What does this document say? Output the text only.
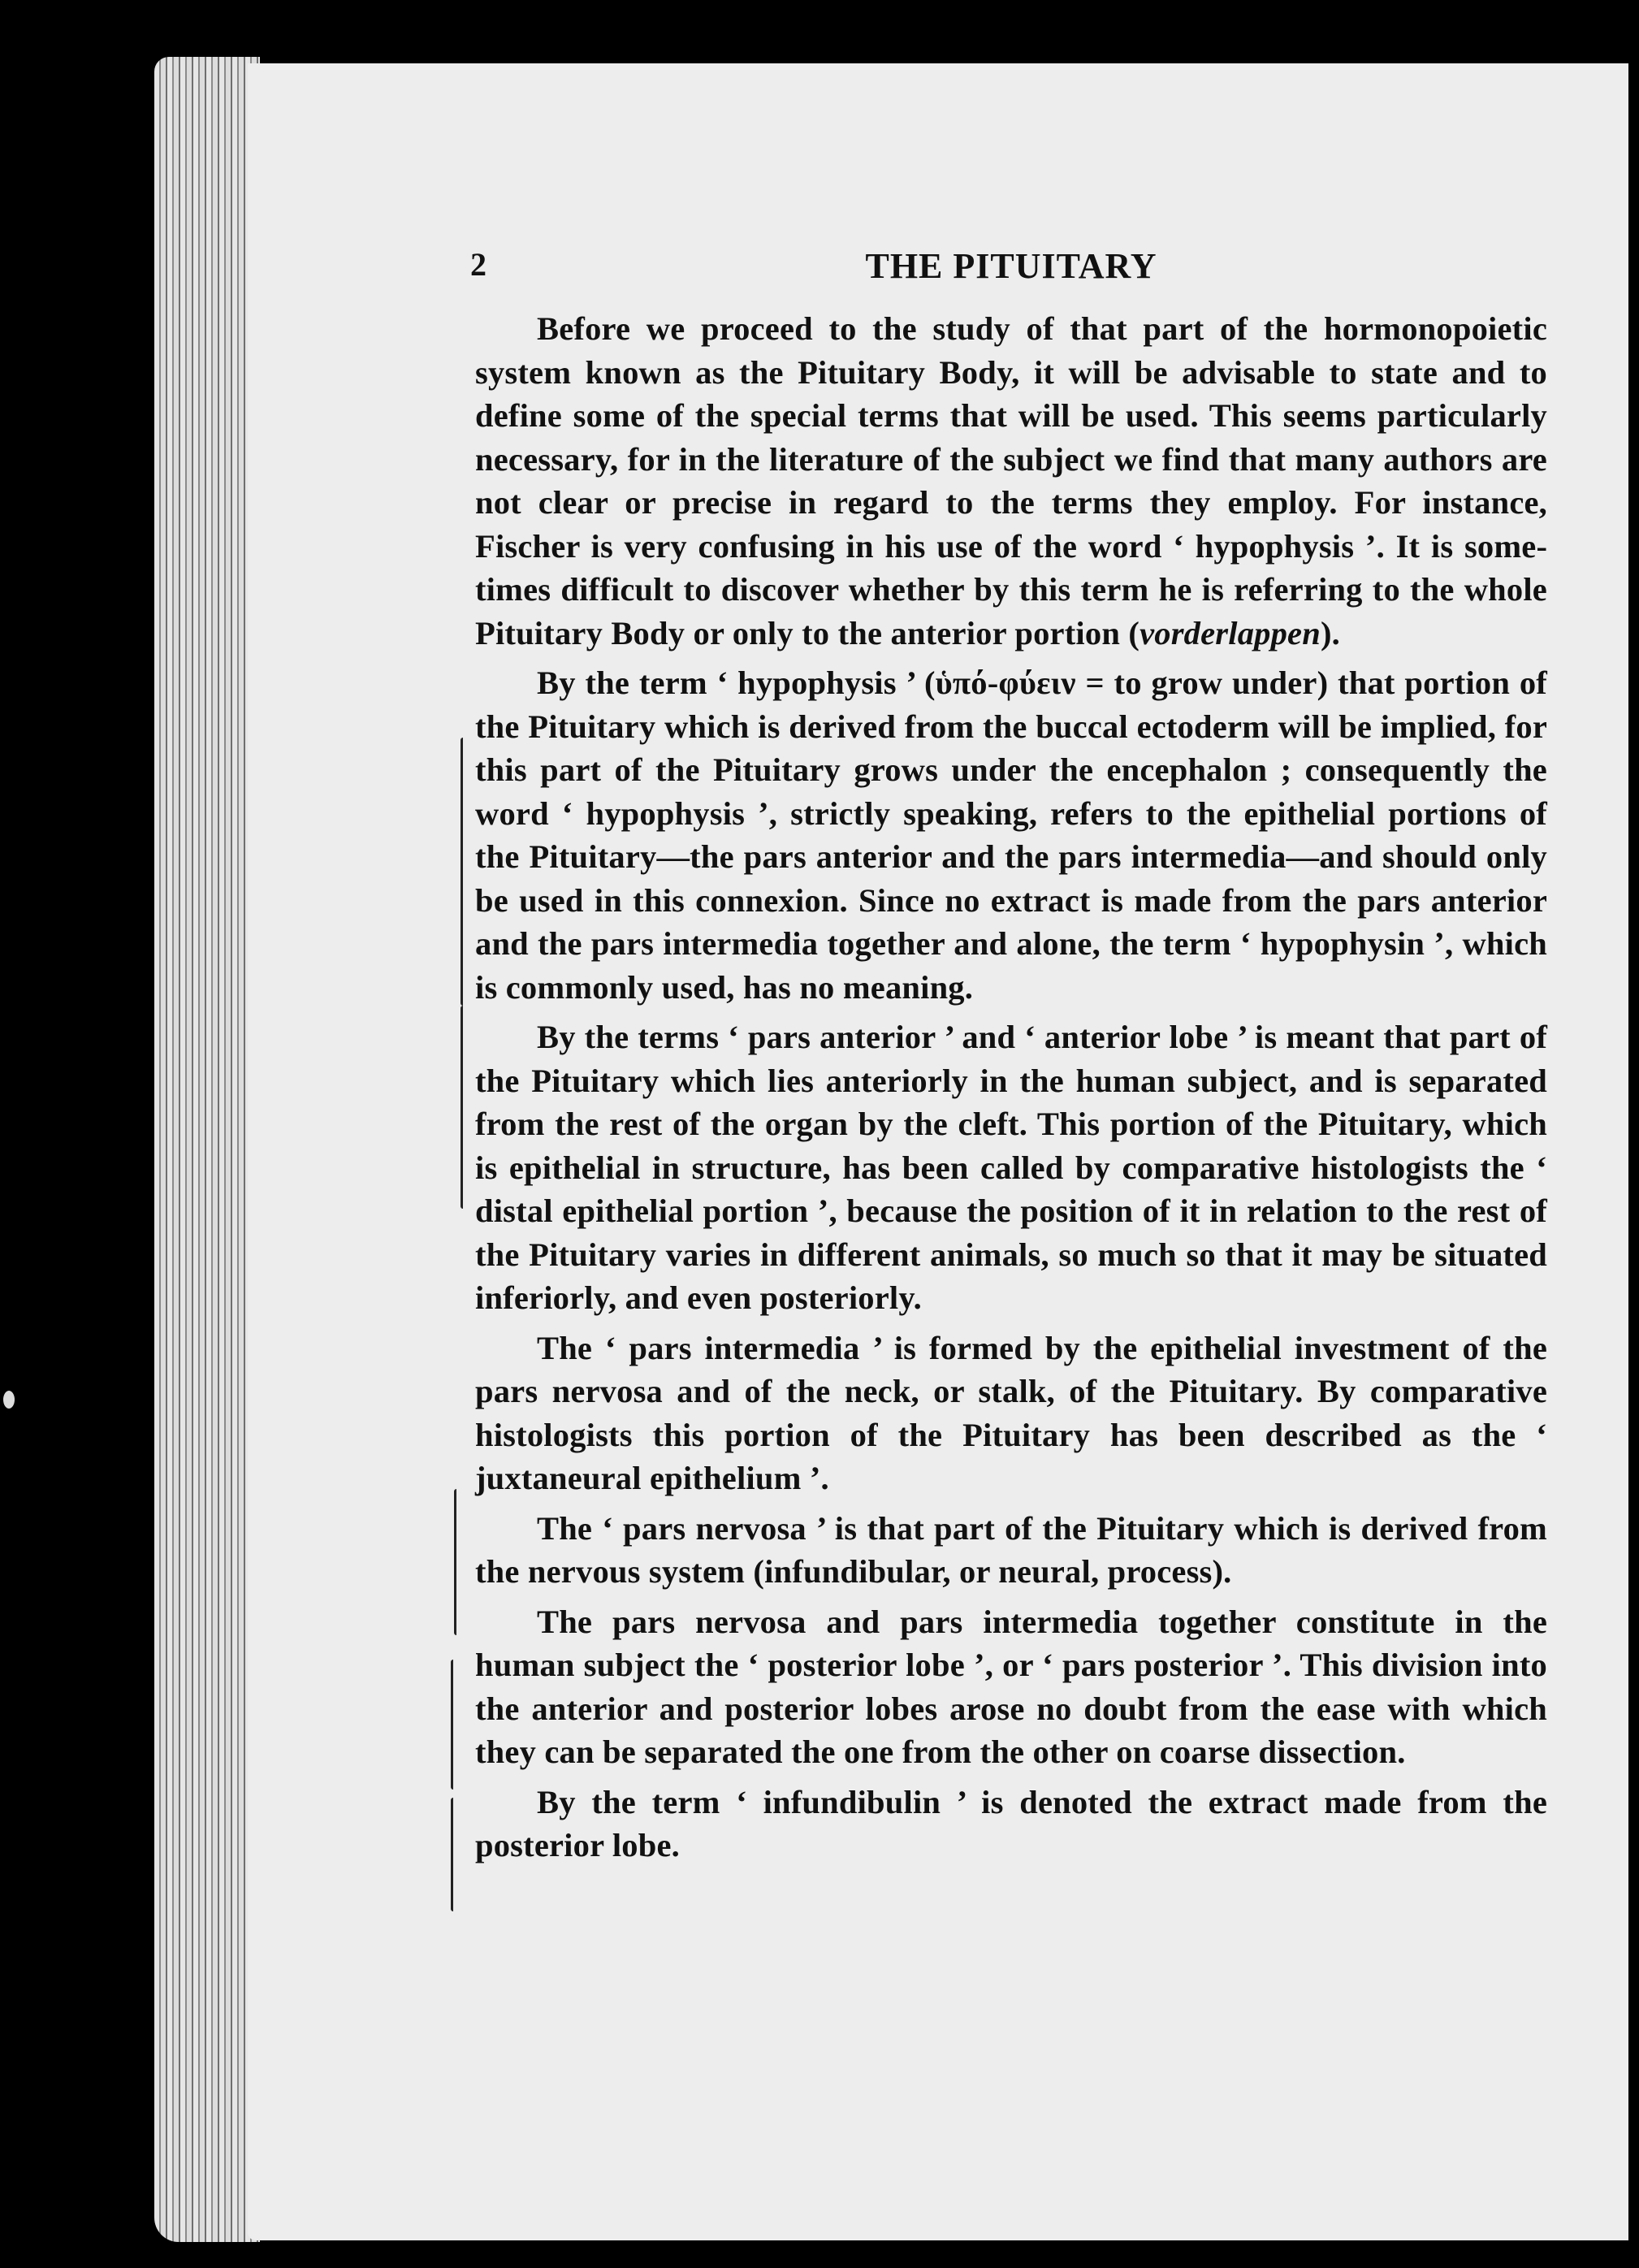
2	THE PITUITARY

Before we proceed to the study of that part of the hormonopoietic system known as the Pituitary Body, it will be advisable to state and to define some of the special terms that will be used. This seems particularly necessary, for in the literature of the subject we find that many authors are not clear or precise in regard to the terms they employ. For instance, Fischer is very confusing in his use of the word ‘ hypophysis ’. It is sometimes difficult to discover whether by this term he is referring to the whole Pituitary Body or only to the anterior portion (vorderlappen).

By the term ‘ hypophysis ’ (ὑπό-φύειν = to grow under) that portion of the Pituitary which is derived from the buccal ectoderm will be implied, for this part of the Pituitary grows under the encephalon ; consequently the word ‘ hypophysis ’, strictly speaking, refers to the epithelial portions of the Pituitary—the pars anterior and the pars intermedia—and should only be used in this connexion. Since no extract is made from the pars anterior and the pars intermedia together and alone, the term ‘ hypophysin ’, which is commonly used, has no meaning.

By the terms ‘ pars anterior ’ and ‘ anterior lobe ’ is meant that part of the Pituitary which lies anteriorly in the human subject, and is separated from the rest of the organ by the cleft. This portion of the Pituitary, which is epithelial in structure, has been called by comparative histologists the ‘ distal epithelial portion ’, because the position of it in relation to the rest of the Pituitary varies in different animals, so much so that it may be situated inferiorly, and even posteriorly.

The ‘ pars intermedia ’ is formed by the epithelial investment of the pars nervosa and of the neck, or stalk, of the Pituitary. By comparative histologists this portion of the Pituitary has been described as the ‘ juxtaneural epithelium ’.

The ‘ pars nervosa ’ is that part of the Pituitary which is derived from the nervous system (infundibular, or neural, process).

The pars nervosa and pars intermedia together constitute in the human subject the ‘ posterior lobe ’, or ‘ pars posterior ’. This division into the anterior and posterior lobes arose no doubt from the ease with which they can be separated the one from the other on coarse dissection.

By the term ‘ infundibulin ’ is denoted the extract made from the posterior lobe.
